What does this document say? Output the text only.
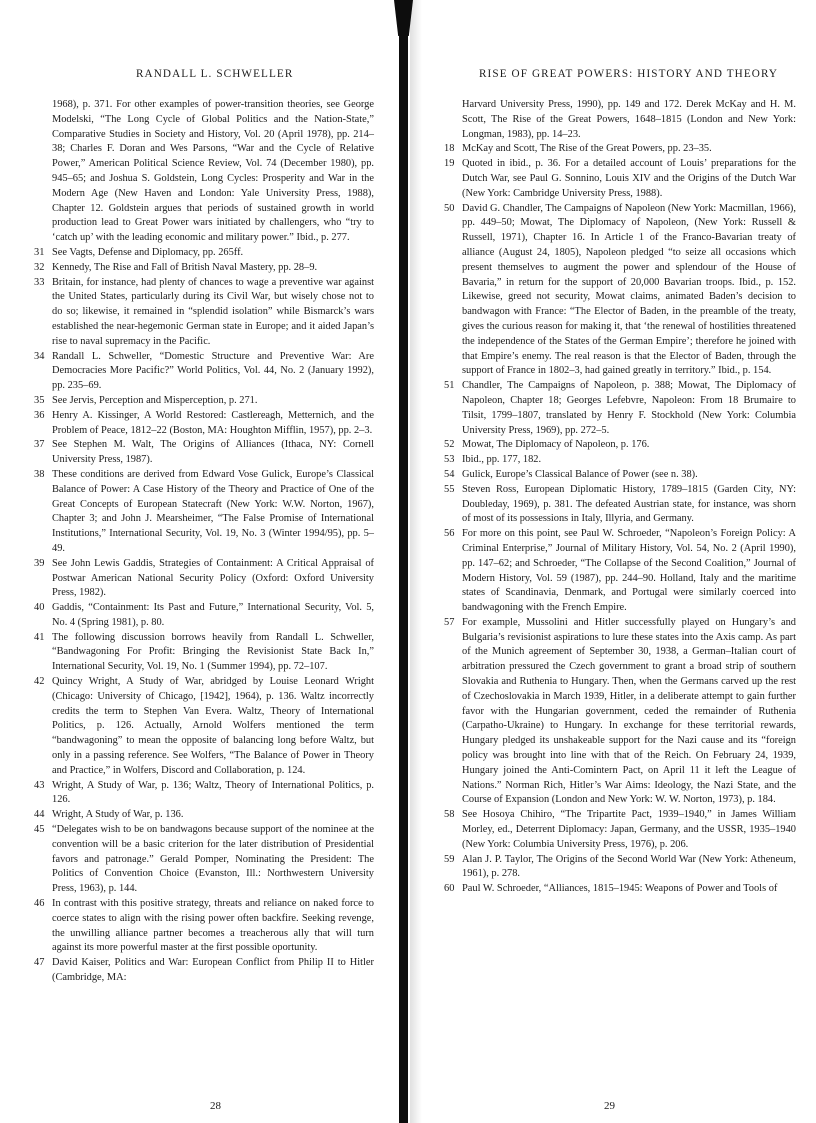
RANDALL L. SCHWELLER
1968), p. 371. For other examples of power-transition theories, see George Modelski, “The Long Cycle of Global Politics and the Nation-State,” Comparative Studies in Society and History, Vol. 20 (April 1978), pp. 214–38; Charles F. Doran and Wes Parsons, “War and the Cycle of Relative Power,” American Political Science Review, Vol. 74 (December 1980), pp. 945–65; and Joshua S. Goldstein, Long Cycles: Prosperity and War in the Modern Age (New Haven and London: Yale University Press, 1988), Chapter 12. Goldstein argues that periods of sustained growth in world production lead to Great Power wars initiated by challengers, who “try to ‘catch up’ with the leading economic and military power.” Ibid., p. 277.
31 See Vagts, Defense and Diplomacy, pp. 265ff.
32 Kennedy, The Rise and Fall of British Naval Mastery, pp. 28–9.
33 Britain, for instance, had plenty of chances to wage a preventive war against the United States, particularly during its Civil War, but wisely chose not to do so; likewise, it remained in “splendid isolation” while Bismarck’s wars established the near-hegemonic German state in Europe; and it aided Japan’s rise to naval supremacy in the Pacific.
34 Randall L. Schweller, “Domestic Structure and Preventive War: Are Democracies More Pacific?” World Politics, Vol. 44, No. 2 (January 1992), pp. 235–69.
35 See Jervis, Perception and Misperception, p. 271.
36 Henry A. Kissinger, A World Restored: Castlereagh, Metternich, and the Problem of Peace, 1812–22 (Boston, MA: Houghton Mifflin, 1957), pp. 2–3.
37 See Stephen M. Walt, The Origins of Alliances (Ithaca, NY: Cornell University Press, 1987).
38 These conditions are derived from Edward Vose Gulick, Europe’s Classical Balance of Power: A Case History of the Theory and Practice of One of the Great Concepts of European Statecraft (New York: W.W. Norton, 1967), Chapter 3; and John J. Mearsheimer, “The False Promise of International Institutions,” International Security, Vol. 19, No. 3 (Winter 1994/95), pp. 5–49.
39 See John Lewis Gaddis, Strategies of Containment: A Critical Appraisal of Postwar American National Security Policy (Oxford: Oxford University Press, 1982).
40 Gaddis, “Containment: Its Past and Future,” International Security, Vol. 5, No. 4 (Spring 1981), p. 80.
41 The following discussion borrows heavily from Randall L. Schweller, “Bandwagoning For Profit: Bringing the Revisionist State Back In,” International Security, Vol. 19, No. 1 (Summer 1994), pp. 72–107.
42 Quincy Wright, A Study of War, abridged by Louise Leonard Wright (Chicago: University of Chicago, [1942], 1964), p. 136. Waltz incorrectly credits the term to Stephen Van Evera. Waltz, Theory of International Politics, p. 126. Actually, Arnold Wolfers mentioned the term “bandwagoning” to mean the opposite of balancing long before Waltz, but only in a passing reference. See Wolfers, “The Balance of Power in Theory and Practice,” in Wolfers, Discord and Collaboration, p. 124.
43 Wright, A Study of War, p. 136; Waltz, Theory of International Politics, p. 126.
44 Wright, A Study of War, p. 136.
45 “Delegates wish to be on bandwagons because support of the nominee at the convention will be a basic criterion for the later distribution of Presidential favors and patronage.” Gerald Pomper, Nominating the President: The Politics of Convention Choice (Evanston, Ill.: Northwestern University Press, 1963), p. 144.
46 In contrast with this positive strategy, threats and reliance on naked force to coerce states to align with the rising power often backfire. Seeking revenge, the unwilling alliance partner becomes a treacherous ally that will turn against its more powerful master at the first possible oportunity.
47 David Kaiser, Politics and War: European Conflict from Philip II to Hitler (Cambridge, MA:
28
RISE OF GREAT POWERS: HISTORY AND THEORY
Harvard University Press, 1990), pp. 149 and 172. Derek McKay and H. M. Scott, The Rise of the Great Powers, 1648–1815 (London and New York: Longman, 1983), pp. 14–23.
18 McKay and Scott, The Rise of the Great Powers, pp. 23–35.
19 Quoted in ibid., p. 36. For a detailed account of Louis’ preparations for the Dutch War, see Paul G. Sonnino, Louis XIV and the Origins of the Dutch War (New York: Cambridge University Press, 1988).
50 David G. Chandler, The Campaigns of Napoleon (New York: Macmillan, 1966), pp. 449–50; Mowat, The Diplomacy of Napoleon, (New York: Russell & Russell, 1971), Chapter 16. In Article 1 of the Franco-Bavarian treaty of alliance (August 24, 1805), Napoleon pledged “to seize all occasions which present themselves to augment the power and splendour of the House of Bavaria,” in return for the support of 20,000 Bavarian troops. Ibid., p. 152. Likewise, greed not security, Mowat claims, animated Baden’s decision to bandwagon with France: “The Elector of Baden, in the preamble of the treaty, gives the curious reason for making it, that ‘the renewal of hostilities threatened the independence of the States of the German Empire’; therefore he joined with that Empire’s enemy. The real reason is that the Elector of Baden, through the support of France in 1802–3, had gained greatly in territory.” Ibid., p. 154.
51 Chandler, The Campaigns of Napoleon, p. 388; Mowat, The Diplomacy of Napoleon, Chapter 18; Georges Lefebvre, Napoleon: From 18 Brumaire to Tilsit, 1799–1807, translated by Henry F. Stockhold (New York: Columbia University Press, 1969), pp. 272–5.
52 Mowat, The Diplomacy of Napoleon, p. 176.
53 Ibid., pp. 177, 182.
54 Gulick, Europe’s Classical Balance of Power (see n. 38).
55 Steven Ross, European Diplomatic History, 1789–1815 (Garden City, NY: Doubleday, 1969), p. 381. The defeated Austrian state, for instance, was shorn of most of its possessions in Italy, Illyria, and Germany.
56 For more on this point, see Paul W. Schroeder, “Napoleon’s Foreign Policy: A Criminal Enterprise,” Journal of Military History, Vol. 54, No. 2 (April 1990), pp. 147–62; and Schroeder, “The Collapse of the Second Coalition,” Journal of Modern History, Vol. 59 (1987), pp. 244–90. Holland, Italy and the maritime states of Scandinavia, Denmark, and Portugal were similarly coerced into bandwagoning with the French Empire.
57 For example, Mussolini and Hitler successfully played on Hungary’s and Bulgaria’s revisionist aspirations to lure these states into the Axis camp. As part of the Munich agreement of September 30, 1938, a German–Italian court of arbitration pressured the Czech government to grant a broad strip of southern Slovakia and Ruthenia to Hungary. Then, when the Germans carved up the rest of Czechoslovakia in March 1939, Hitler, in a deliberate attempt to gain further favor with the Hungarian government, ceded the remainder of Ruthenia (Carpatho-Ukraine) to Hungary. In exchange for these territorial rewards, Hungary pledged its unshakeable support for the Nazi cause and its “foreign policy was brought into line with that of the Reich. On February 24, 1939, Hungary joined the Anti-Comintern Pact, on April 11 it left the League of Nations.” Norman Rich, Hitler’s War Aims: Ideology, the Nazi State, and the Course of Expansion (London and New York: W. W. Norton, 1973), p. 184.
58 See Hosoya Chihiro, “The Tripartite Pact, 1939–1940,” in James William Morley, ed., Deterrent Diplomacy: Japan, Germany, and the USSR, 1935–1940 (New York: Columbia University Press, 1976), p. 206.
59 Alan J. P. Taylor, The Origins of the Second World War (New York: Atheneum, 1961), p. 278.
60 Paul W. Schroeder, “Alliances, 1815–1945: Weapons of Power and Tools of
29
